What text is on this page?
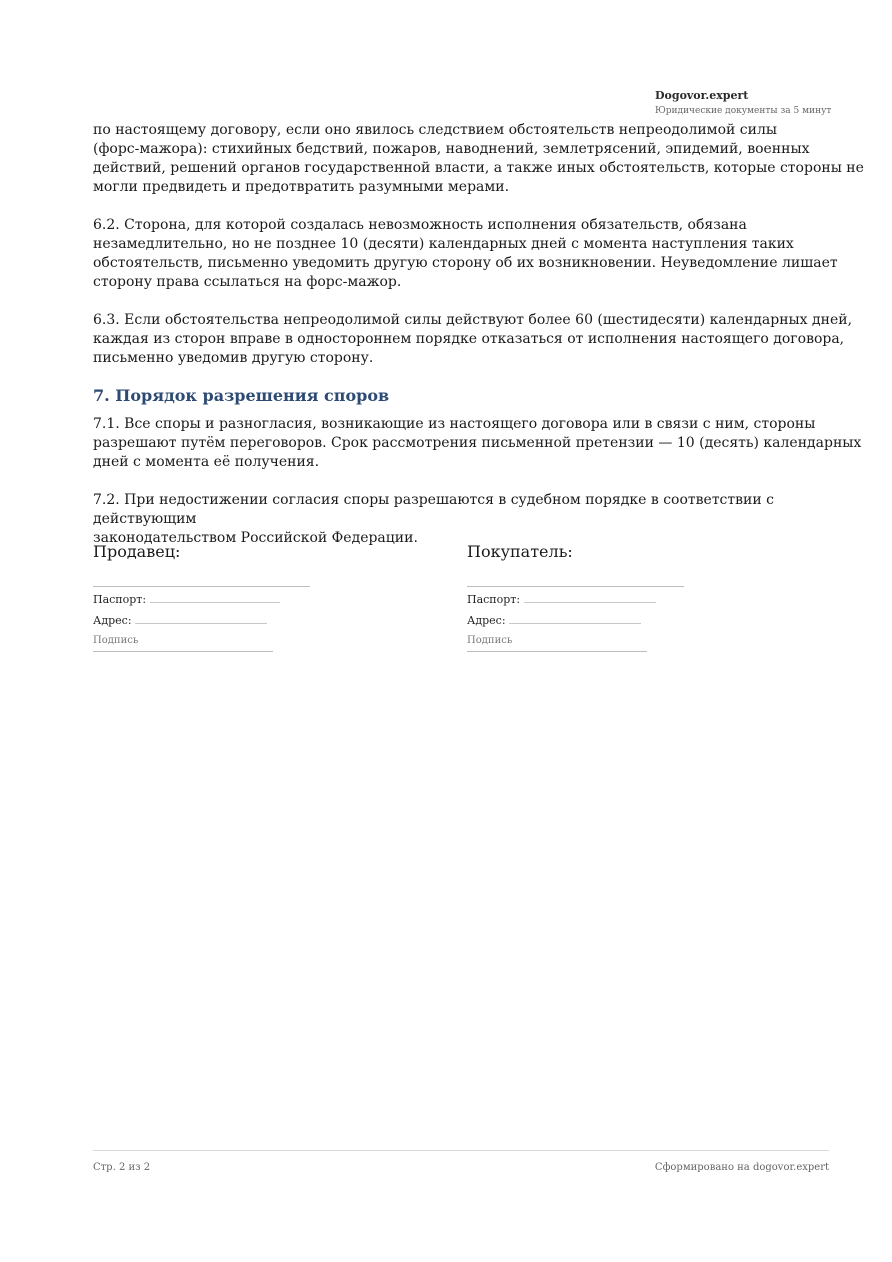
Dogovor.expert
Юридические документы за 5 минут

по настоящему договору, если оно явилось следствием обстоятельств непреодолимой силы
(форс-мажора): стихийных бедствий, пожаров, наводнений, землетрясений, эпидемий, военных
действий, решений органов государственной власти, а также иных обстоятельств, которые стороны не
могли предвидеть и предотвратить разумными мерами.

6.2. Сторона, для которой создалась невозможность исполнения обязательств, обязана
незамедлительно, но не позднее 10 (десяти) календарных дней с момента наступления таких
обстоятельств, письменно уведомить другую сторону об их возникновении. Неуведомление лишает
сторону права ссылаться на форс-мажор.

6.3. Если обстоятельства непреодолимой силы действуют более 60 (шестидесяти) календарных дней,
каждая из сторон вправе в одностороннем порядке отказаться от исполнения настоящего договора,
письменно уведомив другую сторону.

7. Порядок разрешения споров

7.1. Все споры и разногласия, возникающие из настоящего договора или в связи с ним, стороны
разрешают путём переговоров. Срок рассмотрения письменной претензии — 10 (десять) календарных
дней с момента её получения.

7.2. При недостижении согласия споры разрешаются в судебном порядке в соответствии с действующим
законодательством Российской Федерации.

Продавец:
Паспорт:
Адрес:
Подпись
Покупатель:
Паспорт:
Адрес:
Подпись
Стр. 2 из 2	Сформировано на dogovor.expert
